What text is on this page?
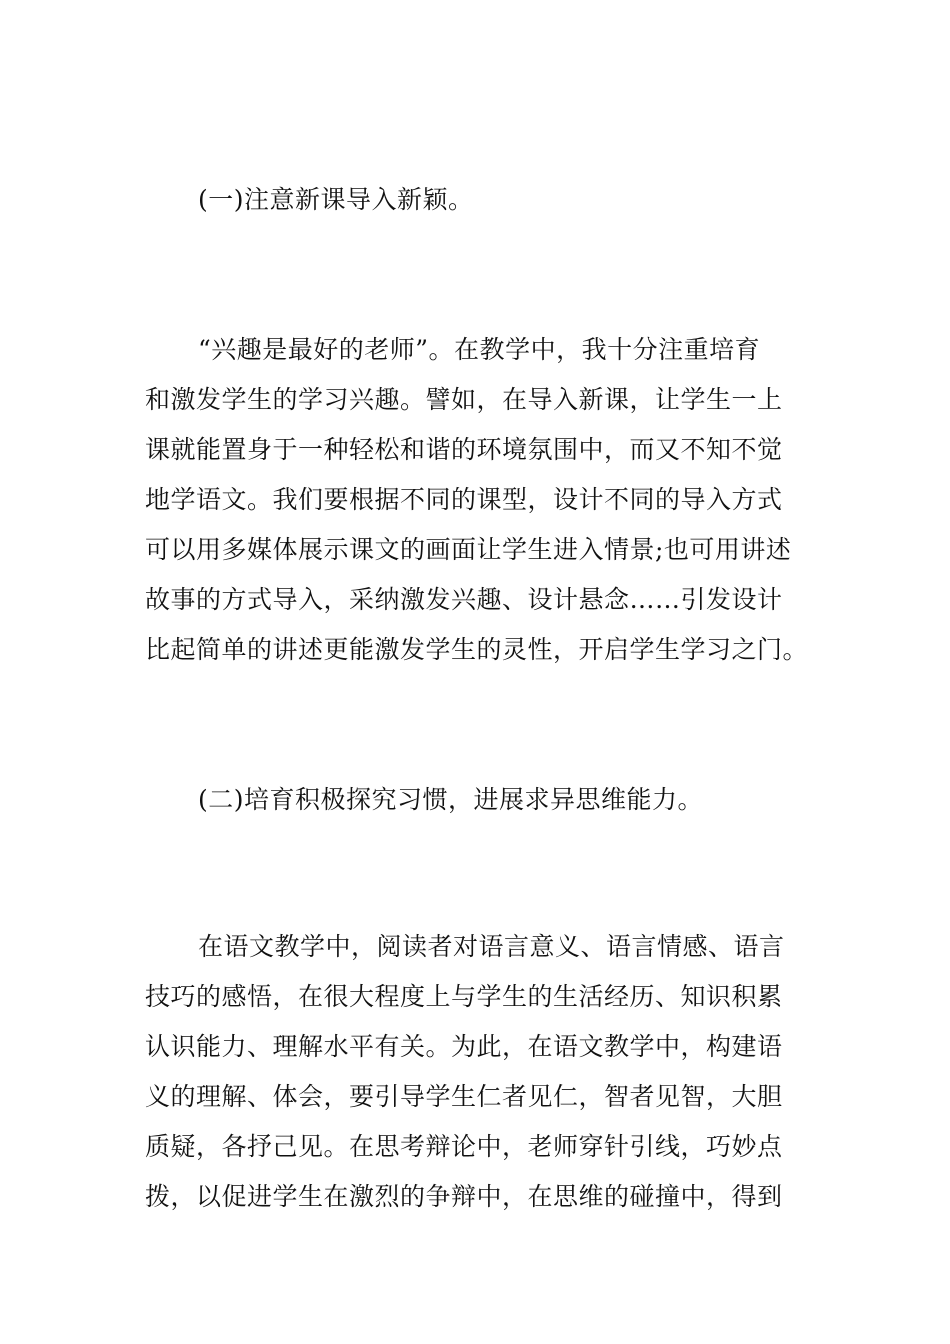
(一)注意新课导入新颖。
“兴趣是最好的老师”。在教学中，我十分注重培育
和激发学生的学习兴趣。譬如，在导入新课，让学生一上
课就能置身于一种轻松和谐的环境氛围中，而又不知不觉
地学语文。我们要根据不同的课型，设计不同的导入方式
可以用多媒体展示课文的画面让学生进入情景;也可用讲述
故事的方式导入，采纳激发兴趣、设计悬念……引发设计
比起简单的讲述更能激发学生的灵性，开启学生学习之门。
(二)培育积极探究习惯，进展求异思维能力。
在语文教学中，阅读者对语言意义、语言情感、语言
技巧的感悟，在很大程度上与学生的生活经历、知识积累
认识能力、理解水平有关。为此，在语文教学中，构建语
义的理解、体会，要引导学生仁者见仁，智者见智，大胆
质疑，各抒己见。在思考辩论中，老师穿针引线，巧妙点
拨，以促进学生在激烈的争辩中，在思维的碰撞中，得到
